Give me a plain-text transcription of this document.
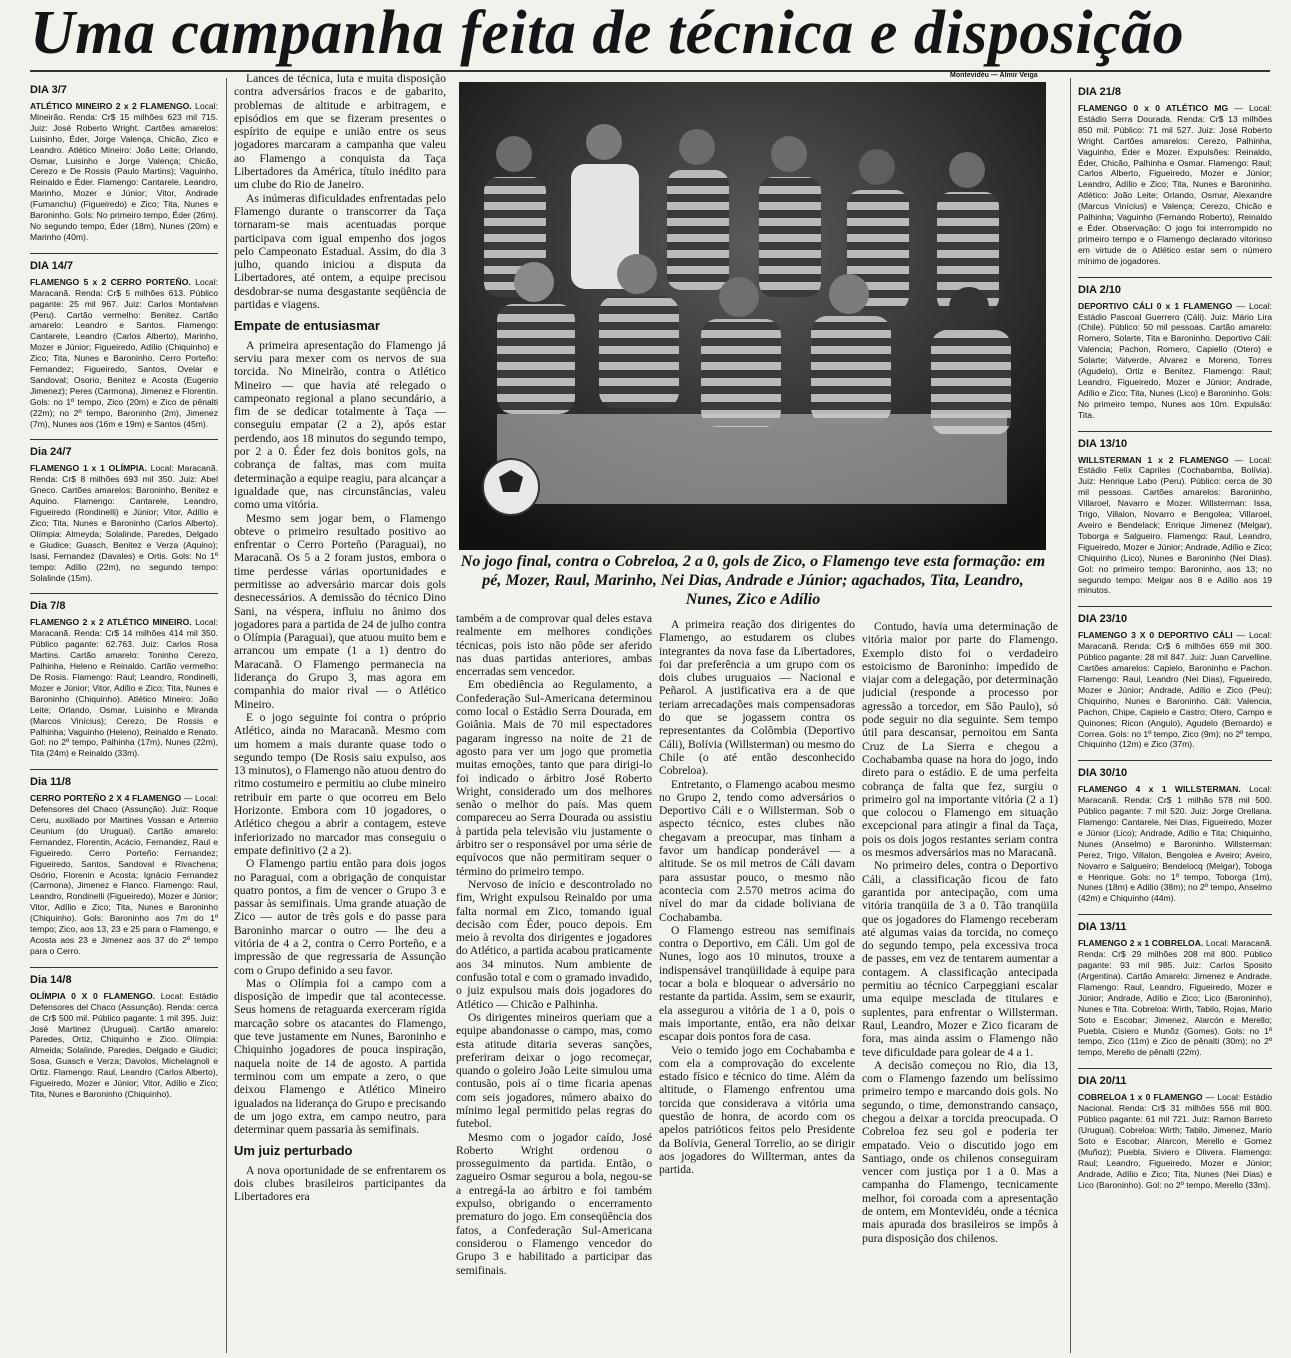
Uma campanha feita de técnica e disposição

DIA 3/7

ATLÉTICO MINEIRO 2 x 2 FLAMENGO. Local: Mineirão. Renda: Cr$ 15 milhões 623 mil 715. Juiz: José Roberto Wright. Cartões amarelos: Luisinho, Éder, Jorge Valença, Chicão, Zico e Leandro. Atlético Mineiro: João Leite; Orlando, Osmar, Luisinho e Jorge Valença; Chicão, Cerezo e De Rossis (Paulo Martins); Vaguinho, Reinaldo e Éder. Flamengo: Cantarele, Leandro, Marinho, Mozer e Júnior; Vitor, Andrade (Fumanchu) (Figueiredo) e Zico; Tita, Nunes e Baroninho. Gols: No primeiro tempo, Éder (26m). No segundo tempo, Éder (18m), Nunes (20m) e Marinho (40m).

DIA 14/7

FLAMENGO 5 x 2 CERRO PORTEÑO. Local: Maracanã. Renda: Cr$ 5 milhões 613. Público pagante: 25 mil 967. Juiz: Carlos Montalvan (Peru). Cartão vermelho: Benitez. Cartão amarelo: Leandro e Santos. Flamengo: Cantarele, Leandro (Carlos Alberto), Marinho, Mozer e Júnior; Figueiredo, Adílio (Chiquinho) e Zico; Tita, Nunes e Baroninho. Cerro Porteño: Fernandez; Figueiredo, Santos, Ovelar e Sandoval; Osorio, Benitez e Acosta (Eugenio Jimenez); Peres (Carmona), Jimenez e Florentin. Gols: no 1º tempo, Zico (20m) e Zico de pênalti (22m); no 2º tempo, Baroninho (2m), Jimenez (7m), Nunes aos (16m e 19m) e Santos (45m).

Dia 24/7

FLAMENGO 1 x 1 OLÍMPIA. Local: Maracanã. Renda: Cr$ 8 milhões 693 mil 350. Juiz: Abel Gneco. Cartões amarelos: Baroninho, Benitez e Aquino. Flamengo: Cantarele, Leandro, Figueiredo (Rondinelli) e Júnior; Vitor, Adílio e Zico; Tita, Nunes e Baroninho (Carlos Alberto). Olímpia: Almeyda; Solalinde, Paredes, Delgado e Giudice; Guasch, Benitez e Verza (Aquino); Isasi, Fernandez (Davales) e Ortis. Gols: No 1º tempo: Adílio (22m), no segundo tempo: Solalinde (15m).

Dia 7/8

FLAMENGO 2 x 2 ATLÉTICO MINEIRO. Local: Maracanã. Renda: Cr$ 14 milhões 414 mil 350. Público pagante: 62.763. Juiz: Carlos Rosa Martins. Cartão amarelo: Toninho Cerezo, Palhinha, Heleno e Reinaldo. Cartão vermelho: De Rosis. Flamengo: Raul; Leandro, Rondinelli, Mozer e Júnior; Vitor, Adílio e Zico; Tita, Nunes e Baroninho (Chiquinho). Atlético Mineiro: João Leite; Orlando, Osmar, Luisinho e Miranda (Marcos Vinícius); Cerezo, De Rossis e Palhinha; Vaguinho (Heleno), Reinaldo e Renato. Gol: no 2º tempo, Palhinha (17m), Nunes (22m), Tita (24m) e Reinaldo (33m).

Dia 11/8

CERRO PORTEÑO 2 X 4 FLAMENGO — Local: Defensores del Chaco (Assunção). Juiz: Roque Ceru, auxiliado por Martines Vossan e Artemio Ceunium (do Uruguai). Cartão amarelo: Fernandez, Florentin, Acácio, Fernandez, Raul e Figueiredo. Cerro Porteño: Fernandez; Figueiredo, Santos, Sandoval e Rivachena; Osório, Florenin e Acosta; Ignácio Fernandez (Carmona), Jimenez e Flanco. Flamengo: Raul, Leandro, Rondinelli (Figueiredo), Mozer e Júnior; Vitor, Adílio e Zico; Tita, Nunes e Baroninho (Chiquinho). Gols: Baroninho aos 7m do 1º tempo; Zico, aos 13, 23 e 25 para o Flamengo, e Acosta aos 23 e Jimenez aos 37 do 2º tempo para o Cerro.

Dia 14/8

OLÍMPIA 0 X 0 FLAMENGO. Local: Estádio Defensores del Chaco (Assunção). Renda: cerca de Cr$ 500 mil. Público pagante: 1 mil 395. Juiz: José Martinez (Uruguai). Cartão amarelo: Paredes, Ortiz, Chiquinho e Zico. Olímpia: Almeida; Solalinde, Paredes, Delgado e Giudici; Sosa, Guasch e Verza; Davolos, Michelagnoli e Ortiz. Flamengo: Raul, Leandro (Carlos Alberto), Figueiredo, Mozer e Júnior; Vitor, Adílio e Zico; Tita, Nunes e Baroninho (Chiquinho).

Lances de técnica, luta e muita disposição contra adversários fracos e de gabarito, problemas de altitude e arbitragem, e episódios em que se fizeram presentes o espírito de equipe e união entre os seus jogadores marcaram a campanha que valeu ao Flamengo a conquista da Taça Libertadores da América, título inédito para um clube do Rio de Janeiro.

As inúmeras dificuldades enfrentadas pelo Flamengo durante o transcorrer da Taça tornaram-se mais acentuadas porque participava com igual empenho dos jogos pelo Campeonato Estadual. Assim, do dia 3 julho, quando iniciou a disputa da Libertadores, até ontem, a equipe precisou desdobrar-se numa desgastante seqüência de partidas e viagens.

Empate de entusiasmar

A primeira apresentação do Flamengo já serviu para mexer com os nervos de sua torcida. No Mineirão, contra o Atlético Mineiro — que havia até relegado o campeonato regional a plano secundário, a fim de se dedicar totalmente à Taça — conseguiu empatar (2 a 2), após estar perdendo, aos 18 minutos do segundo tempo, por 2 a 0. Éder fez dois bonitos gols, na cobrança de faltas, mas com muita determinação a equipe reagiu, para alcançar a igualdade que, nas circunstâncias, valeu como uma vitória.

Mesmo sem jogar bem, o Flamengo obteve o primeiro resultado positivo ao enfrentar o Cerro Porteño (Paraguai), no Maracanã. Os 5 a 2 foram justos, embora o time perdesse várias oportunidades e permitisse ao adversário marcar dois gols desnecessários. A demissão do técnico Dino Sani, na véspera, influiu no ânimo dos jogadores para a partida de 24 de julho contra o Olímpia (Paraguai), que atuou muito bem e arrancou um empate (1 a 1) dentro do Maracanã. O Flamengo permanecia na liderança do Grupo 3, mas agora em companhia do maior rival — o Atlético Mineiro.

E o jogo seguinte foi contra o próprio Atlético, ainda no Maracanã. Mesmo com um homem a mais durante quase todo o segundo tempo (De Rosis saiu expulso, aos 13 minutos), o Flamengo não atuou dentro do ritmo costumeiro e permitiu ao clube mineiro retribuir em parte o que ocorreu em Belo Horizonte. Embora com 10 jogadores, o Atlético chegou a abrir a contagem, esteve inferiorizado no marcador mas conseguiu o empate definitivo (2 a 2).

O Flamengo partiu então para dois jogos no Paraguai, com a obrigação de conquistar quatro pontos, a fim de vencer o Grupo 3 e passar às semifinais. Uma grande atuação de Zico — autor de três gols e do passe para Baroninho marcar o outro — lhe deu a vitória de 4 a 2, contra o Cerro Porteño, e a impressão de que regressaria de Assunção com o Grupo definido a seu favor.

Mas o Olímpia foi a campo com a disposição de impedir que tal acontecesse. Seus homens de retaguarda exerceram rígida marcação sobre os atacantes do Flamengo, que teve justamente em Nunes, Baroninho e Chiquinho jogadores de pouca inspiração, naquela noite de 14 de agosto. A partida terminou com um empate a zero, o que deixou Flamengo e Atlético Mineiro igualados na liderança do Grupo e precisando de um jogo extra, em campo neutro, para determinar quem passaria às semifinais.

Um juiz perturbado

A nova oportunidade de se enfrentarem os dois clubes brasileiros participantes da Libertadores era

também a de comprovar qual deles estava realmente em melhores condições técnicas, pois isto não pôde ser aferido nas duas partidas anteriores, ambas encerradas sem vencedor.

Em obediência ao Regulamento, a Confederação Sul-Americana determinou como local o Estádio Serra Dourada, em Goiânia. Mais de 70 mil espectadores pagaram ingresso na noite de 21 de agosto para ver um jogo que prometia muitas emoções, tanto que para dirigi-lo foi indicado o árbitro José Roberto Wright, considerado um dos melhores senão o melhor do país. Mas quem compareceu ao Serra Dourada ou assistiu à partida pela televisão viu justamente o árbitro ser o responsável por uma série de equívocos que não permitiram sequer o término do primeiro tempo.

Nervoso de início e descontrolado no fim, Wright expulsou Reinaldo por uma falta normal em Zico, tomando igual decisão com Éder, pouco depois. Em meio à revolta dos dirigentes e jogadores do Atlético, a partida acabou praticamente aos 34 minutos. Num ambiente de confusão total e com o gramado invadido, o juiz expulsou mais dois jogadores do Atlético — Chicão e Palhinha.

Os dirigentes mineiros queriam que a equipe abandonasse o campo, mas, como esta atitude ditaria severas sanções, preferiram deixar o jogo recomeçar, quando o goleiro João Leite simulou uma contusão, pois aí o time ficaria apenas com seis jogadores, número abaixo do mínimo legal permitido pelas regras do futebol.

Mesmo com o jogador caído, José Roberto Wright ordenou o prosseguimento da partida. Então, o zagueiro Osmar segurou a bola, negou-se a entregá-la ao árbitro e foi também expulso, obrigando o encerramento prematuro do jogo. Em conseqüência dos fatos, a Confederação Sul-Americana considerou o Flamengo vencedor do Grupo 3 e habilitado a participar das semifinais.

A primeira reação dos dirigentes do Flamengo, ao estudarem os clubes integrantes da nova fase da Libertadores, foi dar preferência a um grupo com os dois clubes uruguaios — Nacional e Peñarol. A justificativa era a de que teriam arrecadações mais compensadoras do que se jogassem contra os representantes da Colômbia (Deportivo Cáli), Bolívia (Willsterman) ou mesmo do Chile (o até então desconhecido Cobreloa).

Entretanto, o Flamengo acabou mesmo no Grupo 2, tendo como adversários o Deportivo Cáli e o Willsterman. Sob o aspecto técnico, estes clubes não chegavam a preocupar, mas tinham a favor um handicap ponderável — a altitude. Se os mil metros de Cáli davam para assustar pouco, o mesmo não acontecia com 2.570 metros acima do nível do mar da cidade boliviana de Cochabamba.

O Flamengo estreou nas semifinais contra o Deportivo, em Cáli. Um gol de Nunes, logo aos 10 minutos, trouxe a indispensável tranqüilidade à equipe para tocar a bola e bloquear o adversário no restante da partida. Assim, sem se exaurir, ela assegurou a vitória de 1 a 0, pois o mais importante, então, era não deixar escapar dois pontos fora de casa.

Veio o temido jogo em Cochabamba e com ela a comprovação do excelente estado físico e técnico do time. Além da altitude, o Flamengo enfrentou uma torcida que considerava a vitória uma questão de honra, de acordo com os apelos patrióticos feitos pelo Presidente da Bolívia, General Torrelio, ao se dirigir aos jogadores do Willterman, antes da partida.

Contudo, havia uma determinação de vitória maior por parte do Flamengo. Exemplo disto foi o verdadeiro estoicismo de Baroninho: impedido de viajar com a delegação, por determinação judicial (responde a processo por agressão a torcedor, em São Paulo), só pode seguir no dia seguinte. Sem tempo útil para descansar, pernoitou em Santa Cruz de La Sierra e chegou a Cochabamba quase na hora do jogo, indo direto para o estádio. E de uma perfeita cobrança de falta que fez, surgiu o primeiro gol na importante vitória (2 a 1) que colocou o Flamengo em situação excepcional para atingir a final da Taça, pois os dois jogos restantes seriam contra os mesmos adversários mas no Maracanã.

No primeiro deles, contra o Deportivo Cáli, a classificação ficou de fato garantida por antecipação, com uma vitória tranqüila de 3 a 0. Tão tranqüila que os jogadores do Flamengo receberam até algumas vaias da torcida, no começo do segundo tempo, pela excessiva troca de passes, em vez de tentarem aumentar a contagem. A classificação antecipada permitiu ao técnico Carpeggiani escalar uma equipe mesclada de titulares e suplentes, para enfrentar o Willsterman. Raul, Leandro, Mozer e Zico ficaram de fora, mas ainda assim o Flamengo não teve dificuldade para golear de 4 a 1.

A decisão começou no Rio, dia 13, com o Flamengo fazendo um belíssimo primeiro tempo e marcando dois gols. No segundo, o time, demonstrando cansaço, chegou a deixar a torcida preocupada. O Cobreloa fez seu gol e poderia ter empatado. Veio o discutido jogo em Santiago, onde os chilenos conseguiram vencer com justiça por 1 a 0. Mas a campanha do Flamengo, tecnicamente melhor, foi coroada com a apresentação de ontem, em Montevidéu, onde a técnica mais apurada dos brasileiros se impôs à pura disposição dos chilenos.

Montevidéu — Almir Veiga
No jogo final, contra o Cobreloa, 2 a 0, gols de Zico, o Flamengo teve esta formação: em pé, Mozer, Raul, Marinho, Nei Dias, Andrade e Júnior; agachados, Tita, Leandro, Nunes, Zico e Adílio

DIA 21/8

FLAMENGO 0 x 0 ATLÉTICO MG — Local: Estádio Serra Dourada. Renda: Cr$ 13 milhões 850 mil. Público: 71 mil 527. Juiz: José Roberto Wright. Cartões amarelos: Cerezo, Palhinha, Vaguinho, Éder e Mozer. Expulsões: Reinaldo, Éder, Chicão, Palhinha e Osmar. Flamengo: Raul; Carlos Alberto, Figueiredo, Mozer e Júnior; Leandro, Adílio e Zico; Tita, Nunes e Baroninho. Atlético: João Leite; Orlando, Osmar, Alexandre (Marcus Vinícius) e Valença; Cerezo, Chicão e Palhinha; Vaguinho (Fernando Roberto), Reinaldo e Éder. Observação: O jogo foi interrompido no primeiro tempo e o Flamengo declarado vitorioso em virtude de o Atlético estar sem o número mínimo de jogadores.

DIA 2/10

DEPORTIVO CÁLI 0 x 1 FLAMENGO — Local: Estádio Pascoal Guerrero (Cáli). Juiz: Mário Lira (Chile). Público: 50 mil pessoas. Cartão amarelo: Romero, Solarte, Tita e Baroninho. Deportivo Cáli: Valencia; Pachon, Romero, Capiello (Otero) e Solarte; Valverde, Alvarez e Moreno, Torres (Agudelo), Ortiz e Benitez. Flamengo: Raul; Leandro, Figueiredo, Mozer e Júnior; Andrade, Adílio e Zico; Tita, Nunes (Lico) e Baroninho. Gols: No primeiro tempo, Nunes aos 10m. Expulsão: Tita.

DIA 13/10

WILLSTERMAN 1 x 2 FLAMENGO — Local: Estádio Felix Capriles (Cochabamba, Bolívia). Juiz: Henrique Labo (Peru). Público: cerca de 30 mil pessoas. Cartões amarelos: Baroninho, Villaroel, Navarro e Mozer. Willsterman: Issa, Trigo, Villalon, Novarro e Bengolea; Villaroel, Aveiro e Bendelack; Enrique Jimenez (Melgar), Toborga e Salgueiro. Flamengo: Raul, Leandro, Figueiredo, Mozer e Júnior; Andrade, Adílio e Zico; Chiquinho (Lico), Nunes e Baroninho (Nei Dias). Gol: no primeiro tempo: Baroninho, aos 13; no segundo tempo: Melgar aos 8 e Adílio aos 19 minutos.

DIA 23/10

FLAMENGO 3 X 0 DEPORTIVO CÁLI — Local: Maracanã. Renda: Cr$ 6 milhões 659 mil 300. Público pagante: 28 mil 847. Juiz: Juan Carvelline. Cartões amarelos: Capielo, Baroninho e Pachon. Flamengo: Raul, Leandro (Nei Dias), Figueiredo, Mozer e Júnior; Andrade, Adílio e Zico (Peu); Chiquinho, Nunes e Baroninho. Cáli: Valencia, Pachon, Chipe, Capielo e Castro; Otero, Campo e Quinones; Ricon (Angulo), Agudelo (Bernardo) e Correa. Gols: no 1º tempo, Zico (9m); no 2º tempo, Chiquinho (12m) e Zico (37m).

DIA 30/10

FLAMENGO 4 x 1 WILLSTERMAN. Local: Maracanã. Renda: Cr$ 1 milhão 578 mil 500. Público pagante: 7 mil 520. Juiz: Jorge Orellana. Flamengo: Cantarele, Nei Dias, Figueiredo, Mozer e Júnior (Lico); Andrade, Adílio e Tita; Chiquinho, Nunes (Anselmo) e Baroninho. Willsterman: Perez, Trigo, Villalon, Bengolea e Aveiro; Aveiro, Novarro e Salgueiro; Bendelocq (Melgar), Toboga e Henrique. Gols: no 1º tempo, Toborga (1m), Nunes (18m) e Adílio (38m); no 2º tempo, Anselmo (42m) e Chiquinho (44m).

DIA 13/11

FLAMENGO 2 x 1 COBRELOA. Local: Maracanã. Renda: Cr$ 29 milhões 208 mil 800. Público pagante: 93 mil 985. Juiz: Carlos Sposito (Argentina). Cartão Amarelo: Jimenez e Andrade. Flamengo: Raul, Leandro, Figueiredo, Mozer e Júnior; Andrade, Adílio e Zico; Lico (Baroninho), Nunes e Tita. Cobreloa: Wirth, Tabilo, Rojas, Mario Soto e Escobar; Jimenez, Alarcón e Merello; Puebla, Cisiero e Munõz (Gomes). Gols: no 1º tempo, Zico (11m) e Zico de pênalti (30m); no 2º tempo, Merello de pênalti (22m).

DIA 20/11

COBRELOA 1 x 0 FLAMENGO — Local: Estádio Nacional. Renda: Cr$ 31 milhões 556 mil 800. Público pagante: 61 mil 721. Juiz: Ramon Barreto (Uruguai). Cobreloa: Wirth; Tabilo, Jimenez, Mario Soto e Escobar; Alarcon, Merello e Gomez (Muñoz); Puebla, Siviero e Olivera. Flamengo: Raul; Leandro, Figueiredo, Mozer e Júnior; Andrade, Adílio e Zico; Tita, Nunes (Nei Dias) e Lico (Baroninho). Gol: no 2º tempo, Merello (33m).
